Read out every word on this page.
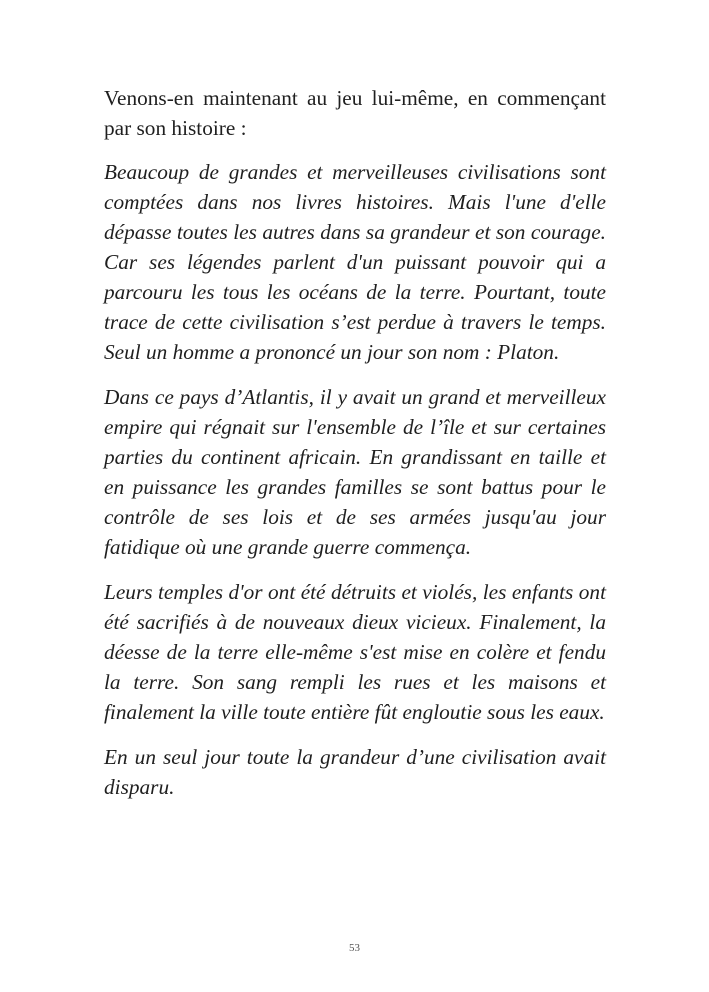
Venons-en maintenant au jeu lui-même, en commençant par son histoire :

Beaucoup de grandes et merveilleuses civilisations sont comptées dans nos livres histoires. Mais l'une d'elle dépasse toutes les autres dans sa grandeur et son courage. Car ses légendes parlent d'un puissant pouvoir qui a parcouru les tous les océans de la terre. Pourtant, toute trace de cette civilisation s’est perdue à travers le temps. Seul un homme a prononcé un jour son nom : Platon.

Dans ce pays d’Atlantis, il y avait un grand et merveilleux empire qui régnait sur l'ensemble de l’île et sur certaines parties du continent africain. En grandissant en taille et en puissance les grandes familles se sont battus pour le contrôle de ses lois et de ses armées jusqu'au jour fatidique où une grande guerre commença.

Leurs temples d'or ont été détruits et violés, les enfants ont été sacrifiés à de nouveaux dieux vicieux. Finalement, la déesse de la terre elle-même s'est mise en colère et fendu la terre. Son sang rempli les rues et les maisons et finalement la ville toute entière fût engloutie sous les eaux.

En un seul jour toute la grandeur d’une civilisation avait disparu.

53
